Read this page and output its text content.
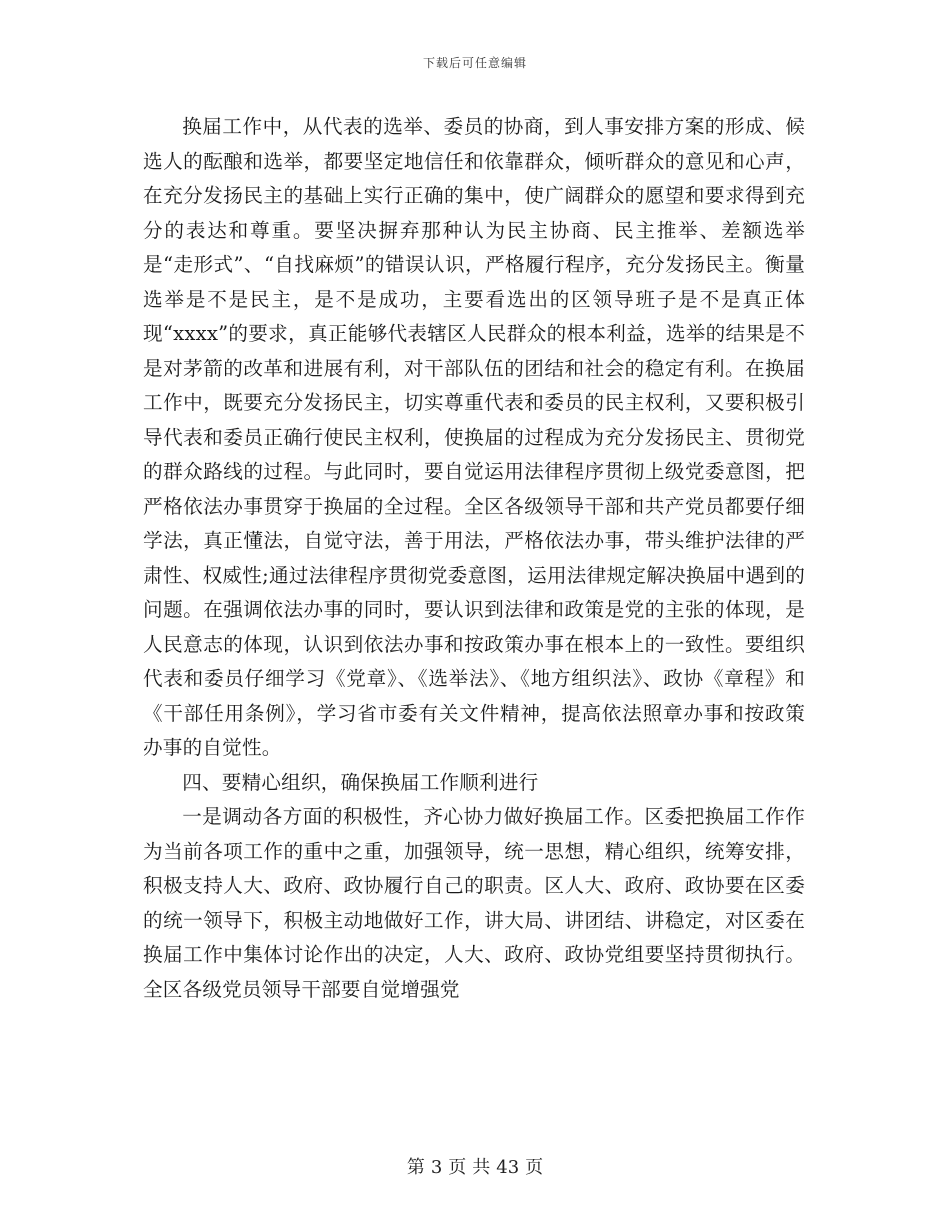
下载后可任意编辑

换届工作中，从代表的选举、委员的协商，到人事安排方案的形成、候选人的酝酿和选举，都要坚定地信任和依靠群众，倾听群众的意见和心声，在充分发扬民主的基础上实行正确的集中，使广阔群众的愿望和要求得到充分的表达和尊重。要坚决摒弃那种认为民主协商、民主推举、差额选举是“走形式”、“自找麻烦”的错误认识，严格履行程序，充分发扬民主。衡量选举是不是民主，是不是成功，主要看选出的区领导班子是不是真正体现“xxxx”的要求，真正能够代表辖区人民群众的根本利益，选举的结果是不是对茅箭的改革和进展有利，对干部队伍的团结和社会的稳定有利。在换届工作中，既要充分发扬民主，切实尊重代表和委员的民主权利，又要积极引导代表和委员正确行使民主权利，使换届的过程成为充分发扬民主、贯彻党的群众路线的过程。与此同时，要自觉运用法律程序贯彻上级党委意图，把严格依法办事贯穿于换届的全过程。全区各级领导干部和共产党员都要仔细学法，真正懂法，自觉守法，善于用法，严格依法办事，带头维护法律的严肃性、权威性;通过法律程序贯彻党委意图，运用法律规定解决换届中遇到的问题。在强调依法办事的同时，要认识到法律和政策是党的主张的体现，是人民意志的体现，认识到依法办事和按政策办事在根本上的一致性。要组织代表和委员仔细学习《党章》、《选举法》、《地方组织法》、政协《章程》和《干部任用条例》，学习省市委有关文件精神，提高依法照章办事和按政策办事的自觉性。

四、要精心组织，确保换届工作顺利进行

一是调动各方面的积极性，齐心协力做好换届工作。区委把换届工作作为当前各项工作的重中之重，加强领导，统一思想，精心组织，统筹安排，积极支持人大、政府、政协履行自己的职责。区人大、政府、政协要在区委的统一领导下，积极主动地做好工作，讲大局、讲团结、讲稳定，对区委在换届工作中集体讨论作出的决定，人大、政府、政协党组要坚持贯彻执行。全区各级党员领导干部要自觉增强党

第 3 页 共 43 页
